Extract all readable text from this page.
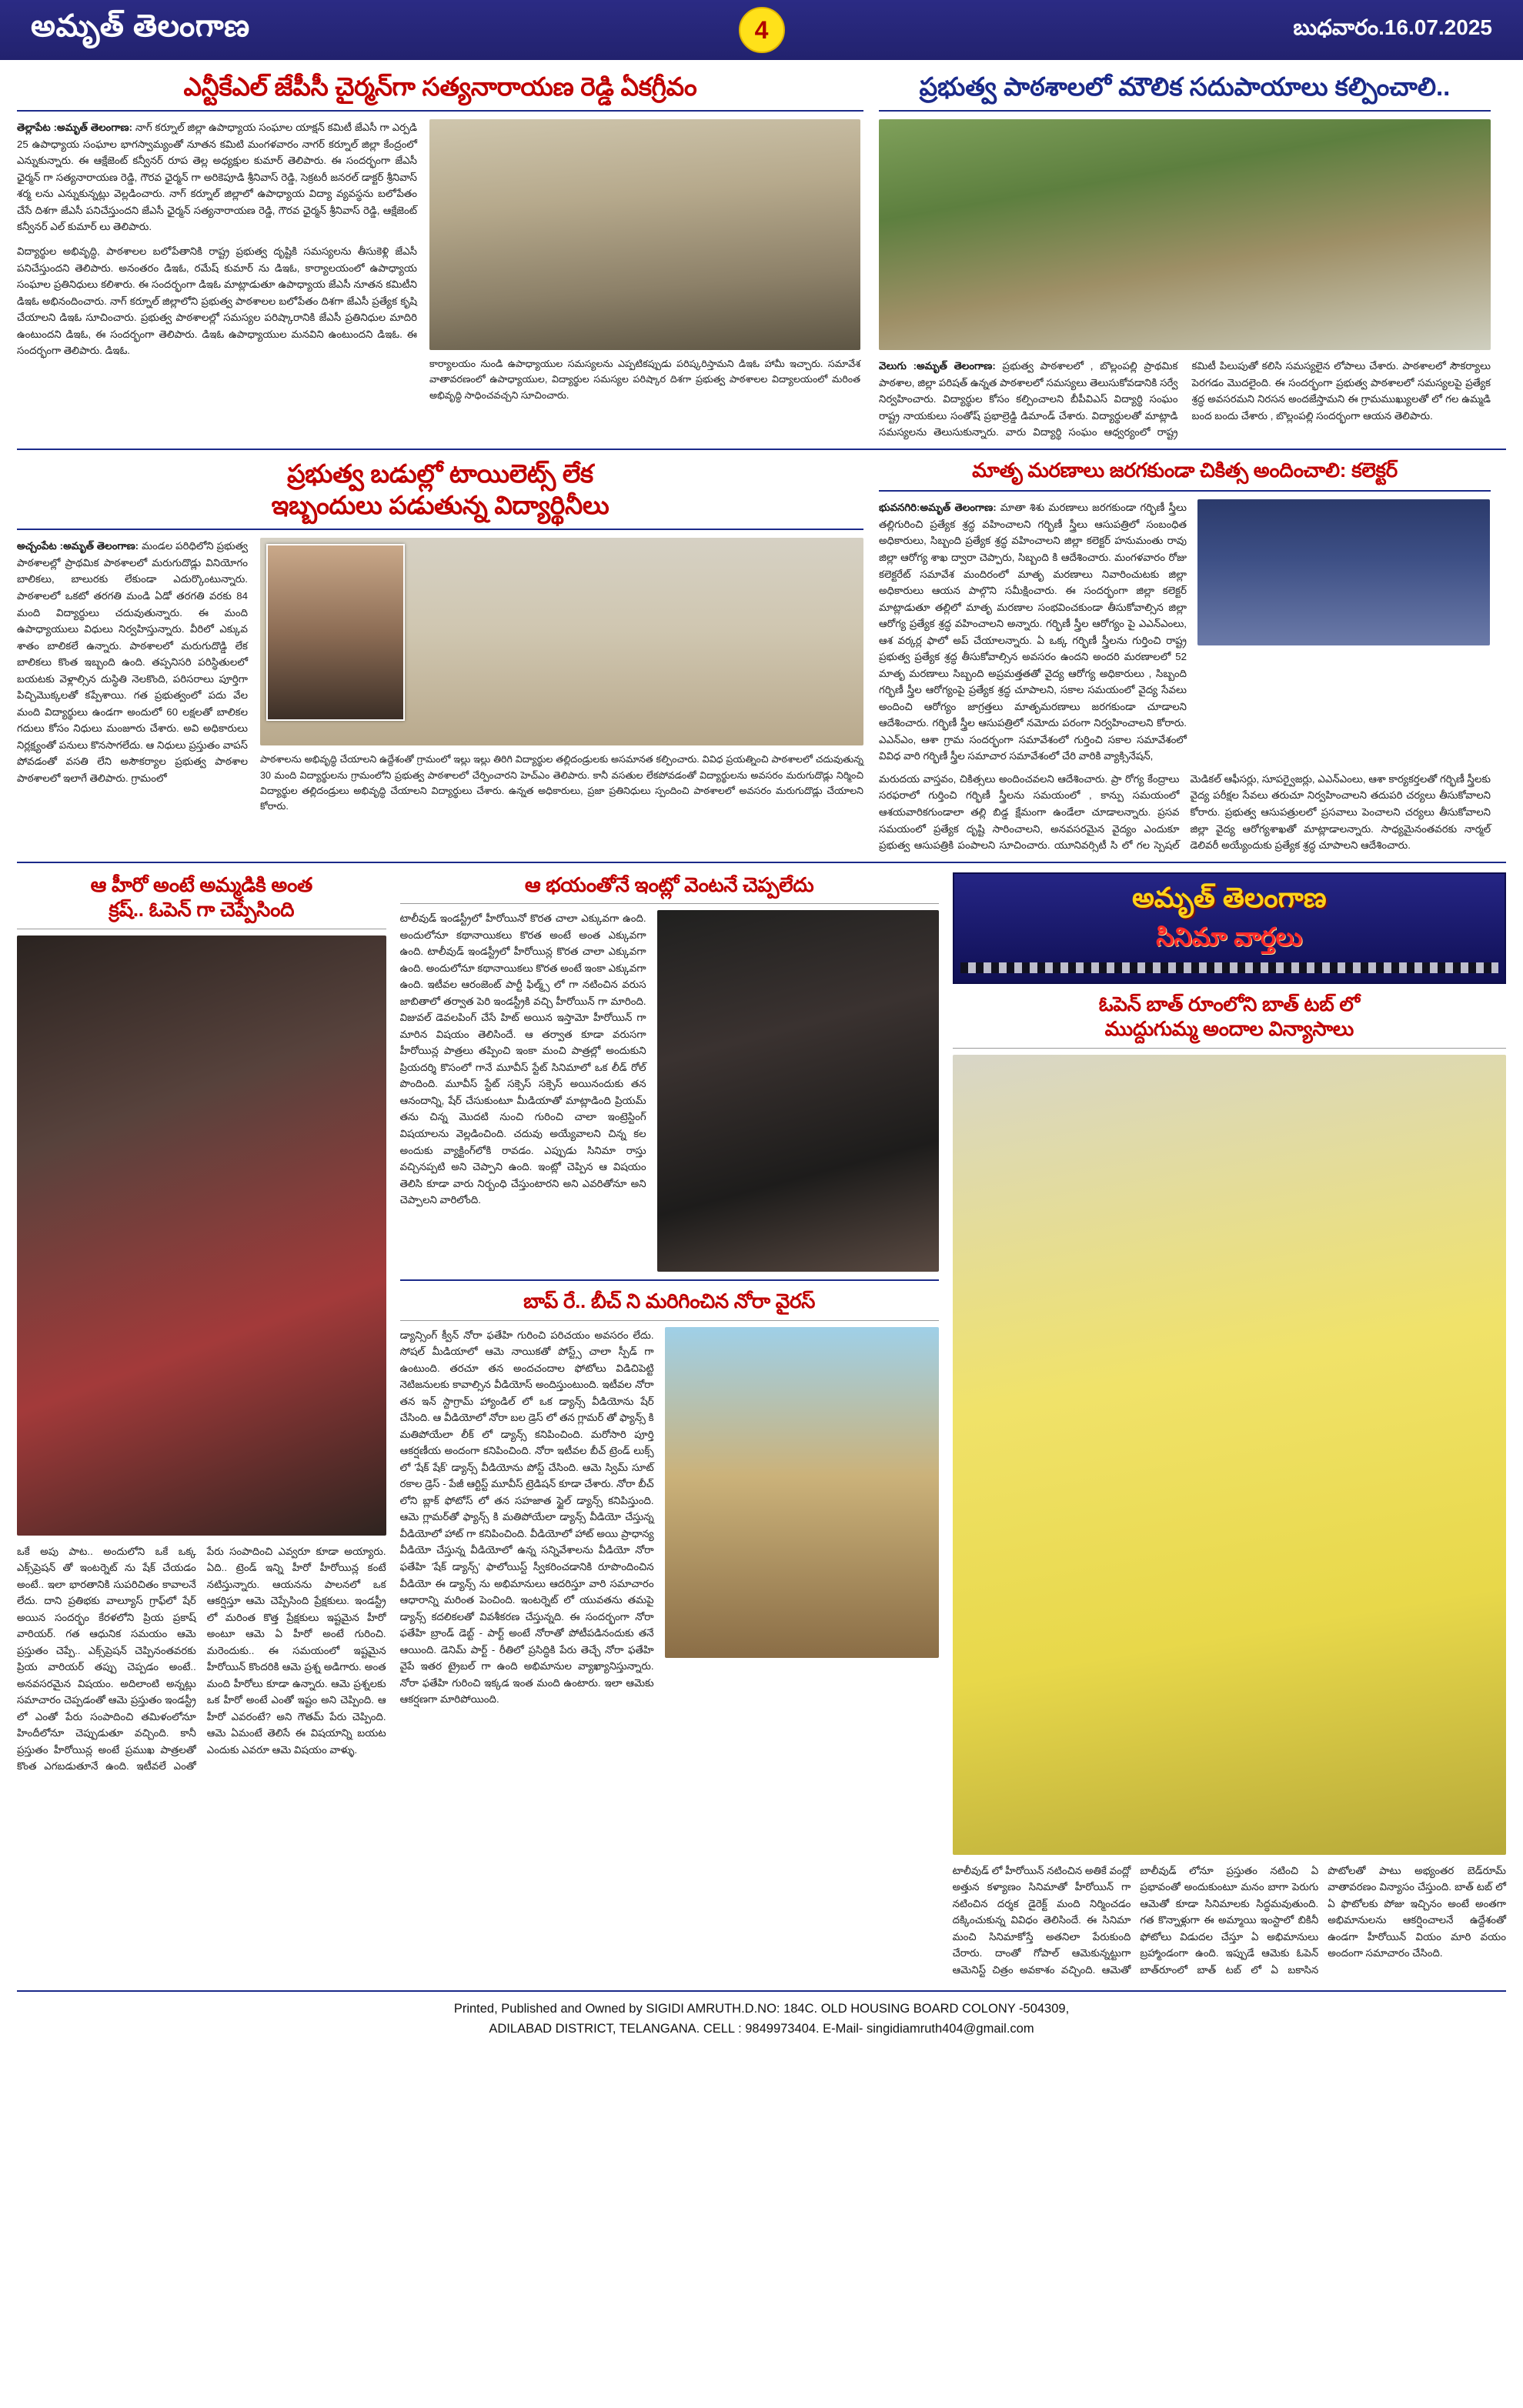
అమృత్ తెలంగాణ	4	బుధవారం.16.07.2025
ఎన్టీకేఎల్ జేపీసీ చైర్మన్‌గా సత్యనారాయణ రెడ్డి ఏకగ్రీవం
తెల్లాపేట :అమృత్ తెలంగాణ: నాగ్ కర్నూల్ జిల్లా ఉపాధ్యాయ సంఘాల యాక్షన్ కమిటీ జేఎసీ గా ఎర్పడి 25 ఉపాధ్యాయ సంఘాల భాగస్వామ్యంతో నూతన కమిటి మంగళవారం నాగర్ కర్నూల్ జిల్లా కేంద్రంలో ఎన్నుకున్నారు. ఈ ఆక్షేజెంట్ కన్వీనర్ రూప తెల్ల అధ్యక్షుల కుమార్ తెలిపారు. ఈ సందర్భంగా జేఎసీ ఛైర్మన్ గా సత్యనారాయణ రెడ్డి, గౌరవ ఛైర్మన్ గా అరికెపూడి శ్రీనివాస్ రెడ్డి, సెక్రటరీ జనరల్ డాక్టర్ శ్రీనివాస్ శర్మ లను ఎన్నుకున్నట్లు వెల్లడించారు. నాగ్ కర్నూల్ జిల్లాలో ఉపాధ్యాయ విద్యా వ్యవస్థను బలోపేతం చేసే దిశగా జేఎసీ పనిచేస్తుందని జేఎసీ ఛైర్మన్ సత్యనారాయణ రెడ్డి, గౌరవ ఛైర్మన్ శ్రీనివాస్ రెడ్డి, ఆక్షేజెంట్ కన్వీనర్ ఎల్ కుమార్ లు తెలిపారు.
విద్యార్థుల అభివృద్ధి, పాఠశాలల బలోపేతానికి రాష్ట్ర ప్రభుత్వ దృష్టికి సమస్యలను తీసుకెళ్లి జేఎసీ పనిచేస్తుందని తెలిపారు. అనంతరం డిఇఓ, రమేష్ కుమార్ ను డిఇఓ, కార్యాలయంలో ఉపాధ్యాయ సంఘాల ప్రతినిధులు కలిశారు. ఈ సందర్భంగా డిఇఓ మాట్లాడుతూ ఉపాధ్యాయ జేఎసీ నూతన కమిటీని డిఇఓ అభినందించారు. నాగ్ కర్నూల్ జిల్లాలోని ప్రభుత్వ పాఠశాలల బలోపేతం దిశగా జేఎసీ ప్రత్యేక కృషి చేయాలని డిఇఓ సూచించారు. ప్రభుత్వ పాఠశాలల్లో సమస్యల పరిష్కారానికి జేఎసీ ప్రతినిధుల మాదిరి ఉంటుందని డిఇఓ, ఈ సందర్భంగా తెలిపారు. డిఇఓ ఉపాధ్యాయుల మనవిని ఉంటుందని డిఇఓ. ఈ సందర్భంగా తెలిపారు. డిఇఓ.
కార్యాలయం నుండి ఉపాధ్యాయుల సమస్యలను ఎప్పటికప్పుడు పరిష్కరిస్తామని డిఇఓ హామీ ఇచ్చారు. సమావేశ వాతావరణంలో ఉపాధ్యాయుల, విద్యార్థుల సమస్యల పరిష్కార దిశగా ప్రభుత్వ పాఠశాలల విద్యాలయంలో మరింత అభివృద్ధి సాధించవచ్చని సూచించారు.
ప్రభుత్వ పాఠశాలలో మౌలిక సదుపాయాలు కల్పించాలి..
వెలుగు :అమృత్ తెలంగాణ: ప్రభుత్వ పాఠశాలలో , బొల్లంపల్లి ప్రాథమిక పాఠశాల, జిల్లా పరిషత్ ఉన్నత పాఠశాలలో సమస్యలు తెలుసుకోవడానికి సర్వే నిర్వహించారు. విద్యార్థుల కోసం కల్పించాలని బీపీవిఎస్ విద్యార్థి సంఘం రాష్ట్ర నాయకులు సంతోష్ ప్రభాల్రెడ్డి డిమాండ్ చేశారు. విద్యార్థులతో మాట్లాడి సమస్యలను తెలుసుకున్నారు. వారు విద్యార్థి సంఘం ఆధ్వర్యంలో రాష్ట్ర కమిటీ పిలుపుతో కలిసి సమస్యలైన లోపాలు చేశారు. పాఠశాలలో సౌకర్యాలు పెరగడం మొదలైంది. ఈ సందర్భంగా ప్రభుత్వ పాఠశాలలో సమస్యలపై ప్రత్యేక శ్రద్ధ అవసరమని నిరసన అందజేస్తామని ఈ గ్రామముఖ్యులతో లో గల ఉమ్మడి బంద బందు చేశారు , బొల్లంపల్లి సందర్భంగా ఆయన తెలిపారు.
ప్రభుత్వ బడుల్లో టాయిలెట్స్ లేక
ఇబ్బందులు పడుతున్న విద్యార్థినీలు
అచ్చంపేట :అమృత్ తెలంగాణ: మండల పరిధిలోని ప్రభుత్వ పాఠశాలల్లో ప్రాథమిక పాఠశాలలో మరుగుదొడ్లు వినియోగం బాలికలు, బాలురకు లేకుండా ఎదుర్కొంటున్నారు. పాఠశాలలో ఒకటో తరగతి మండి ఏడో తరగతి వరకు 84 మంది విద్యార్థులు చదువుతున్నారు. ఈ మంది ఉపాధ్యాయులు విధులు నిర్వహిస్తున్నారు. వీరిలో ఎక్కువ శాతం బాలికలే ఉన్నారు. పాఠశాలలో మరుగుదొడ్డి లేక బాలికలు కొంత ఇబ్బంది ఉంది. తప్పనిసరి పరిస్థితులలో బయటకు వెళ్లాల్సిన దుస్థితి నెలకొంది, పరిసరాలు పూర్తిగా పిచ్చిమొక్కలతో కప్పేశాయి. గత ప్రభుత్వంలో పదు వేల మంది విద్యార్థులు ఉండగా అందులో 60 లక్షలతో బాలికల గదులు కోసం నిధులు మంజూరు చేశారు. అవి అధికారులు నిర్లక్ష్యంతో పనులు కొనసాగలేదు. ఆ నిధులు ప్రస్తుతం వాపస్ పోవడంతో వసతి లేని అసౌకర్యాల ప్రభుత్వ పాఠశాల పాఠశాలలో ఇలాగే తెలిపారు. గ్రామంలో
పాఠశాలను అభివృద్ధి చేయాలని ఉద్దేశంతో గ్రామంలో ఇల్లు ఇల్లు తిరిగి విద్యార్థుల తల్లిదండ్రులకు అసమానత కల్పించారు. వివిధ ప్రయత్నించి పాఠశాలలో చదువుతున్న 30 మంది విద్యార్థులను గ్రామంలోని ప్రభుత్వ పాఠశాలలో చేర్పించారని హెచ్ఎం తెలిపారు. కానీ వసతుల లేకపోవడంతో విద్యార్థులను అవసరం మరుగుదొడ్లు నిర్మించి విద్యార్థుల తల్లిదండ్రులు అభివృద్ధి చేయాలని విద్యార్థులు చేశారు. ఉన్నత అధికారులు, ప్రజా ప్రతినిధులు స్పందించి పాఠశాలలో అవసరం మరుగుదొడ్లు చేయాలని కోరారు.
మాతృ మరణాలు జరగకుండా చికిత్స అందించాలి: కలెక్టర్
భువనగిరి:అమృత్ తెలంగాణ: మాతా శిశు మరణాలు జరగకుండా గర్భిణీ స్త్రీలు తల్లిగురించి ప్రత్యేక శ్రద్ధ వహించాలని గర్భిణీ స్త్రీలు ఆసుపత్రిలో సంబంధిత అధికారులు, సిబ్బంది ప్రత్యేక శ్రద్ధ వహించాలని జిల్లా కలెక్టర్ హనుమంతు రావు జిల్లా ఆరోగ్య శాఖ ద్వారా చెప్పారు, సిబ్బంది కి ఆదేశించారు. మంగళవారం రోజు కలెక్టరేట్ సమావేశ మందిరంలో మాతృ మరణాలు నివారించుటకు జిల్లా అధికారులు ఆయన పాల్గొని సమీక్షించారు. ఈ సందర్భంగా జిల్లా కలెక్టర్ మాట్లాడుతూ తల్లిలో మాతృ మరణాల సంభవించకుండా తీసుకోవాల్సిన జిల్లా ఆరోగ్య ప్రత్యేక శ్రద్ధ వహించాలని అన్నారు. గర్భిణీ స్త్రీల ఆరోగ్యం పై ఎఎన్ఎంలు, ఆశ వర్కర్ల ఫాలో అప్ చేయాలన్నారు. ఏ ఒక్క గర్భిణీ స్త్రీలను గుర్తించి రాష్ట్ర ప్రభుత్వ ప్రత్యేక శ్రద్ధ తీసుకోవాల్సిన అవసరం ఉందని అందరి మరణాలలో 52 మాతృ మరణాలు సిబ్బంది అప్రమత్తతతో వైద్య ఆరోగ్య అధికారులు , సిబ్బంది గర్భిణీ స్త్రీల ఆరోగ్యంపై ప్రత్యేక శ్రద్ధ చూపాలని, సకాల సమయంలో వైద్య సేవలు అందించి ఆరోగ్యం జాగ్రత్తలు మాతృమరణాలు జరగకుండా చూడాలని ఆదేశించారు. గర్భిణీ స్త్రీల ఆసుపత్రిలో నమోదు పరంగా నిర్వహించాలని కోరారు. ఎఎన్ఎం, ఆశా గ్రామ సందర్భంగా సమావేశంలో గుర్తించి సకాల సమావేశంలో వివిధ వారి గర్భిణీ స్త్రీల సమాచార సమావేశంలో చేరి వారికి వ్యాక్సినేషన్,
మరుదయ వాస్తవం, చికిత్సలు అందించవలని ఆదేశించారు. ప్రా రోగ్య కేంద్రాలు సరఫరాలో గుర్తించి గర్భిణీ స్త్రీలను సమయంలో , కాన్పు సమయంలో ఆశయవారికగుండాలా తల్లి బిడ్డ క్షేమంగా ఉండేలా చూడాలన్నారు. ప్రసవ సమయంలో ప్రత్యేక దృష్టి సారించాలని, అనవసరమైన వైద్యం ఎందుకూ ప్రభుత్వ ఆసుపత్రికి పంపాలని సూచించారు. యూనివర్సిటీ సి లో గల స్పెషల్ మెడికల్ ఆఫీసర్లు, సూపర్వైజర్లు, ఎఎన్ఎంలు, ఆశా కార్యకర్తలతో గర్భిణీ స్త్రీలకు వైద్య పరీక్షల సేవలు తరుచూ నిర్వహించాలని తదుపరి చర్యలు తీసుకోవాలని కోరారు. ప్రభుత్వ ఆసుపత్రులలో ప్రసవాలు పెంచాలని చర్యలు తీసుకోవాలని జిల్లా వైద్య ఆరోగ్యశాఖతో మాట్లాడాలన్నారు. సాధ్యమైనంతవరకు నార్మల్ డెలివరీ అయ్యేందుకు ప్రత్యేక శ్రద్ధ చూపాలని ఆదేశించారు.
ఆ హీరో అంటే అమ్మడికి అంత
క్రష్.. ఓపెన్ గా చెప్పేసింది
ఒకే అపు పాట.. అందులోని ఒకే ఒక్క ఎక్స్‌ప్రెషన్ తో ఇంటర్నెట్ ను షేక్ చేయడం అంటే.. ఇలా భారతానికి సుపరిచితం కావాలనే లేదు. దాని ప్రతిభకు వాల్యూస్ గ్రాఫ్‌లో షేర్ అయిన సందర్భం కేరళలోని ప్రియ ప్రకాష్ వారియర్. గత ఆధునిక సమయం ఆమె ప్రస్తుతం చెప్పే.. ఎక్స్‌ప్రెషన్ చెప్పినంతవరకు ప్రియ వారియర్ తప్పు చెప్పడం అంటే.. అనవసరమైన విషయం. అదిలాంటి అన్నట్లు సమాచారం చెప్పడంతో ఆమె ప్రస్తుతం ఇండస్ట్రీ లో ఎంతో పేరు సంపాదించి తమిళంలోనూ హిందీలోనూ చెప్పుడుతూ వచ్చింది. కానీ ప్రస్తుతం హీరోయిన్ల అంటే ప్రముఖ పాత్రలతో కొంత ఎగబడుతూనే ఉంది. ఇటీవలే ఎంతో పేరు సంపాదించి ఎవ్వరూ కూడా అయ్యారు. ఏది.. ట్రెండ్ ఇన్ని హీరో హీరోయిన్ల కంటే నటిస్తున్నారు. ఆయనను పాలనలో ఒక ఆకర్షిస్తూ ఆమె చెప్పేసింది ప్రేక్షకులు. ఇండస్ట్రీ లో మరింత కొత్త ప్రేక్షకులు ఇష్టమైన హీరో అంటూ ఆమె ఏ హీరో అంటే గురించి. మరెందుకు.. ఈ సమయంలో ఇష్టమైన హీరోయిన్ కొందరికి ఆమె ప్రశ్న అడిగారు. అంత మంది హీరోలు కూడా ఉన్నారు. ఆమె ప్రశ్నలకు ఒక హీరో అంటే ఎంతో ఇష్టం అని చెప్పింది. ఆ హీరో ఎవరంటే? అని గౌతమ్ పేరు చెప్పింది. ఆమె ఏమంటే తెలిసే ఈ విషయాన్ని బయట ఎందుకు ఎవరూ ఆమె విషయం వాళ్ళు.
ఆ భయంతోనే ఇంట్లో వెంటనే చెప్పలేదు
టాలీవుడ్ ఇండస్ట్రీలో హీరోయినో కొరత చాలా ఎక్కువగా ఉంది. అందులోనూ కథానాయికలు కొరత అంటే అంత ఎక్కువగా ఉంది. టాలీవుడ్ ఇండస్ట్రీలో హీరోయిన్ల కొరత చాలా ఎక్కువగా ఉంది. అందులోనూ కథానాయికలు కొరత అంటే ఇంకా ఎక్కువగా ఉంది. ఇటీవల ఆరంజెంట్ పార్టీ ఫిల్మ్స్ లో గా నటించిన వరుస జాబితాలో తర్వాత పెరి ఇండస్ట్రీకి వచ్చి హీరోయిన్ గా మారింది. విజువల్ డెవలపింగ్ చేసే హిట్ అయిన ఇస్తామో హీరోయిన్ గా మారిన విషయం తెలిసిందే. ఆ తర్వాత కూడా వరుసగా హీరోయిన్ల పాత్రలు తప్పించి ఇంకా మంచి పాత్రల్లో అందుకుని ప్రియదర్శి కొసంలో గానే మూవీస్ స్టేట్ సినిమాలో ఒక లీడ్ రోల్ పొందింది. మూవీస్ స్టేట్ సక్సెస్ సక్సెస్ అయినందుకు తన ఆనందాన్ని, షేర్ చేసుకుంటూ మీడియాతో మాట్లాడింది ప్రియమ్ తను చిన్న మొదటి నుంచి గురించి చాలా ఇంట్రెస్టింగ్ విషయాలను వెల్లడించింది. చదువు అయ్యేవాలని చిన్న కల అందుకు వ్యాక్టింగ్‌లోకి రావడం. ఎప్పుడు సినిమా రాస్తు వచ్చినప్పటి అని చెప్పాని ఉంది. ఇంట్లో చెప్పిన ఆ విషయం తెలిసి కూడా వారు నిర్బంధి చేస్తుంటారని అని ఎవరితోనూ అని చెప్పాలని వారిలోంది.
బాప్ రే.. బీచ్ ని మరిగించిన నోరా వైరస్
డ్యాన్సింగ్ క్వీన్ నోరా ఫతేహి గురించి పరిచయం అవసరం లేదు. సోషల్ మీడియాలో ఆమె నాయికతో పోస్ట్స్ చాలా స్పీడ్ గా ఉంటుంది. తరచూ తన అందచందాల ఫోటోలు విడిచిపెట్టి నెటిజనులకు కావాల్సిన వీడియోస్ అందిస్తుంటుంది. ఇటీవల నోరా తన ఇన్ స్టాగ్రామ్ హ్యాండిల్ లో ఒక డ్యాన్స్ వీడియోను షేర్ చేసింది. ఆ వీడియోలో నోరా బల డ్రెస్ లో తన గ్లామర్ తో ఫ్యాన్స్ కి మతిపోయేలా లీక్ లో డ్యాన్స్ కనిపించింది. మరోసారి పూర్తి ఆకర్షణీయ అందంగా కనిపించింది. నోరా ఇటీవల బీచ్ ట్రెండ్ లుక్స్ లో 'షేక్ షేక్' డ్యాన్స్ వీడియోను పోస్ట్ చేసింది. ఆమె స్విమ్ సూట్ రకాల డ్రెస్ - పేజీ ఆర్టిస్ట్ మూవీస్ ట్రెడిషన్ కూడా చేశారు. నోరా బీచ్ లోని బ్లాక్ ఫోటోస్ లో తన సహజాత స్టైల్ డ్యాన్స్ కనిపిస్తుంది. ఆమె గ్లామర్‌తో ఫ్యాన్స్ కి మతిపోయేలా డ్యాన్స్ వీడియో చేస్తున్న వీడియోలో హాట్ గా కనిపించింది. వీడియోలో హాట్ అయి ప్రాధాన్య వీడియో చేస్తున్న వీడియోలో ఉన్న సన్నివేశాలను వీడియో నోరా ఫతేహి 'షేక్ డ్యాన్స్' ఫాలోయిస్ట్ స్వీకరించడానికి రూపొందించిన వీడియో ఈ డ్యాన్స్ ను అభిమానులు ఆదరిస్తూ వారి సమాచారం ఆధారాన్ని మరింత పెంచింది. ఇంటర్నెట్ లో యువతను తమపై డ్యాన్స్ కదలికలతో వివశీకరణ చేస్తున్నది. ఈ సందర్భంగా నోరా ఫతేహి బ్రాండ్ డెబ్ట్ - పార్ట్ అంటే నోరాతో పోటీపడినందుకు తనే ఆయింది. డెనిమ్ పార్ట్ - రీతిలో ప్రసిద్ధికి పేరు తెచ్చే నోరా ఫతేహి వైపే ఇతర ట్రైబల్ గా ఉంది అభిమానుల వ్యాఖ్యానిస్తున్నారు. నోరా ఫతేహి గురించి ఇక్కడ ఇంత మంది ఉంటారు. ఇలా ఆమెకు ఆకర్షణగా మారిపోయింది.
అమృత్ తెలంగాణ
సినిమా వార్తలు
ఓపెన్ బాత్ రూంలోని బాత్ టబ్ లో
ముద్దుగుమ్మ అందాల విన్యాసాలు
టాలీవుడ్ లో హీరోయిన్ నటించిన అతికే వంద్లో అత్తున కళ్యాణం సినిమాతో హీరోయిన్ గా నటించిన దర్శక డైరెక్ట్ మంది నిర్మించడం దక్కించుకున్న వివిధం తెలిసిందే. ఈ సినిమా మంచి సినిమాకోస్తే అతనిలా పేరుకుంది చేరారు. దాంతో గోపాల్ ఆమెకున్నట్టుగా ఆమెనిస్ట్ చిత్రం అవకాశం వచ్చింది. ఆమెతో బాలీవుడ్ లోనూ ప్రస్తుతం నటించి ఏ ప్రభావంతో అందుకుంటూ మనం బాగా పెరుగు ఆమెతో కూడా సినిమాలకు సిద్ధమవుతుంది. గత కొన్నాళ్లుగా ఈ అమ్మాయి ఇంస్టాలో బికినీ ఫోటోలు విడుదల చేస్తూ ఏ అభిమానులు బ్రహ్మాండంగా ఉంది. ఇప్పుడే ఆమెకు ఓపెన్ బాత్‌రూంలో బాత్ టబ్ లో ఏ బకాసిన పొటోలతో పాటు అభ్యంతర బెడ్‌రూమ్ వాతావరణం విన్యాసం చేస్తుంది. బాత్ టబ్ లో ఏ ఫొటోలకు పోజు ఇచ్చినం అంటే అంతగా అభిమానులను ఆకర్షించాలనే ఉద్దేశంతో ఉండగా హీరోయిన్ వియం మారి వయం అందంగా సమాచారం చేసింది.
Printed, Published and Owned by SIGIDI AMRUTH.D.NO: 184C. OLD HOUSING BOARD COLONY -504309,
ADILABAD DISTRICT, TELANGANA. CELL : 9849973404. E-Mail- singidiamruth404@gmail.com
